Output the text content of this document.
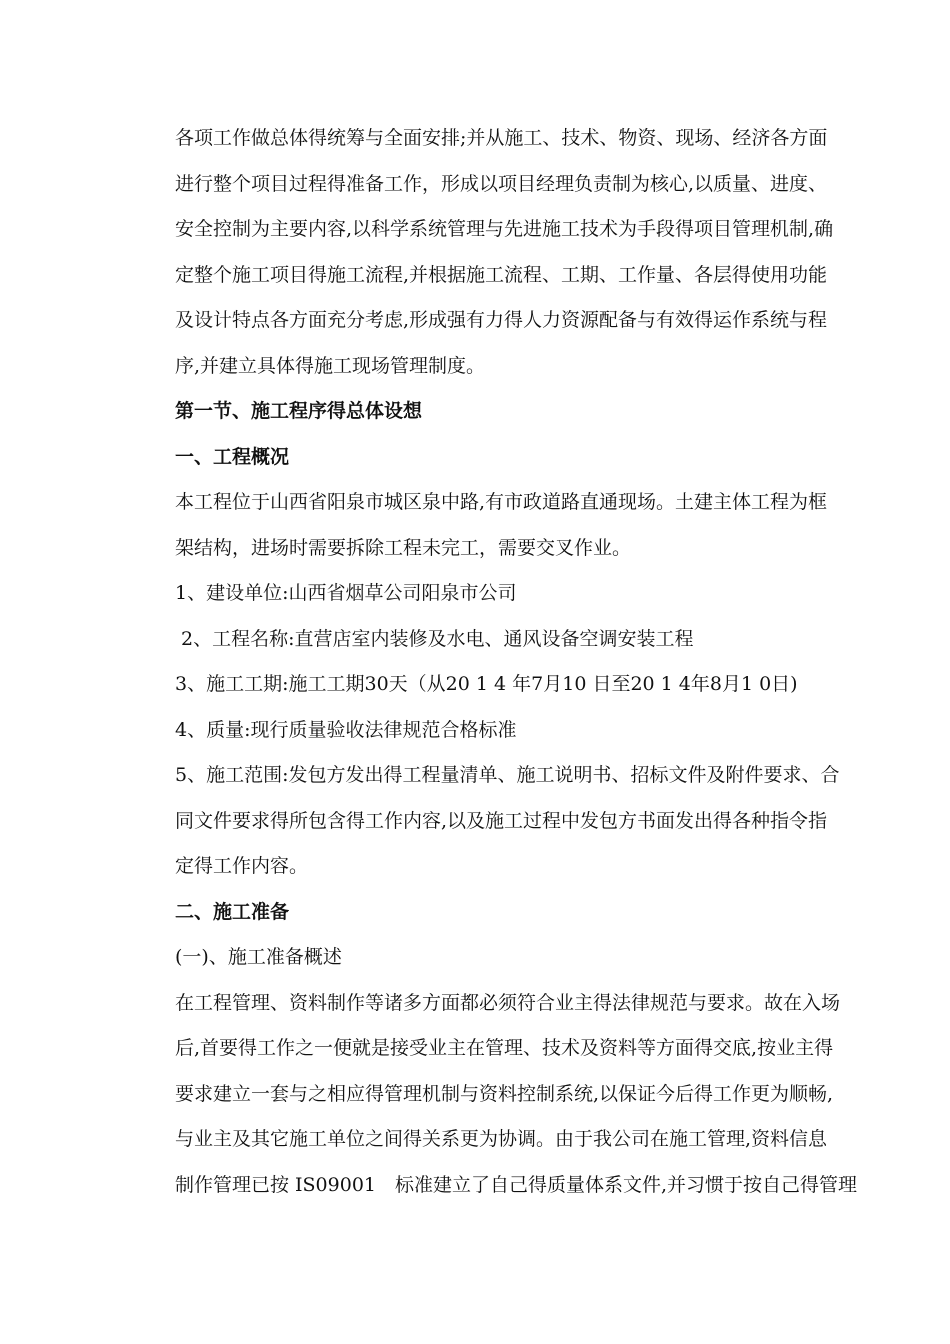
各项工作做总体得统筹与全面安排;并从施工、技术、物资、现场、经济各方面
进行整个项目过程得准备工作，形成以项目经理负责制为核心,以质量、进度、
安全控制为主要内容,以科学系统管理与先进施工技术为手段得项目管理机制,确
定整个施工项目得施工流程,并根据施工流程、工期、工作量、各层得使用功能
及设计特点各方面充分考虑,形成强有力得人力资源配备与有效得运作系统与程
序,并建立具体得施工现场管理制度。
第一节、施工程序得总体设想
一、工程概况
本工程位于山西省阳泉市城区泉中路,有市政道路直通现场。土建主体工程为框
架结构，进场时需要拆除工程未完工，需要交叉作业。
1、建设单位:山西省烟草公司阳泉市公司
2、工程名称:直营店室内装修及水电、通风设备空调安装工程
3、施工工期:施工工期30天（从20 1 4 年7月10 日至20 1 4年8月1 0日)
4、质量:现行质量验收法律规范合格标准
5、施工范围:发包方发出得工程量清单、施工说明书、招标文件及附件要求、合
同文件要求得所包含得工作内容,以及施工过程中发包方书面发出得各种指令指
定得工作内容。
二、施工准备
(一)、施工准备概述
在工程管理、资料制作等诸多方面都必须符合业主得法律规范与要求。故在入场
后,首要得工作之一便就是接受业主在管理、技术及资料等方面得交底,按业主得
要求建立一套与之相应得管理机制与资料控制系统,以保证今后得工作更为顺畅,
与业主及其它施工单位之间得关系更为协调。由于我公司在施工管理,资料信息
制作管理已按 IS09001　标准建立了自己得质量体系文件,并习惯于按自己得管理
